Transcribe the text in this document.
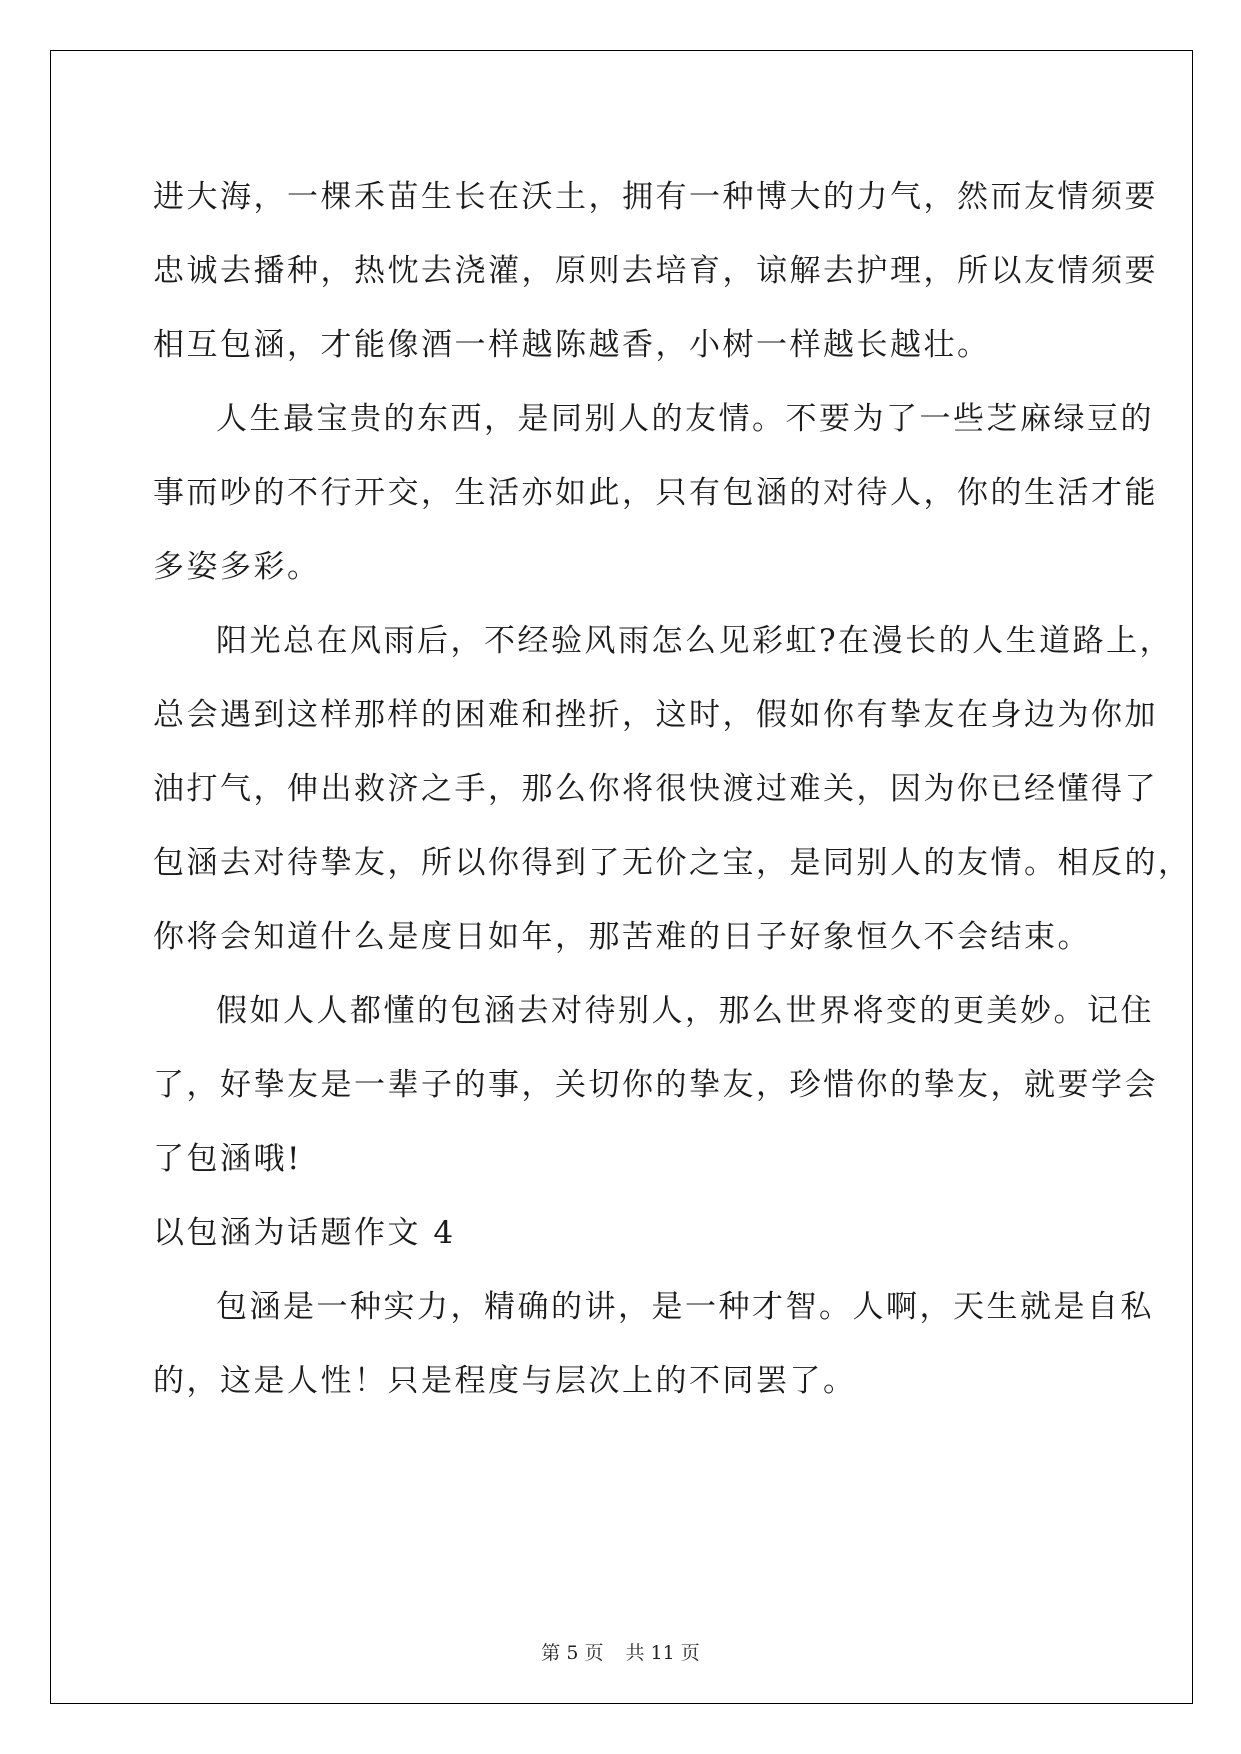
进大海，一棵禾苗生长在沃土，拥有一种博大的力气，然而友情须要
忠诚去播种，热忱去浇灌，原则去培育，谅解去护理，所以友情须要
相互包涵，才能像酒一样越陈越香，小树一样越长越壮。
人生最宝贵的东西，是同别人的友情。不要为了一些芝麻绿豆的
事而吵的不行开交，生活亦如此，只有包涵的对待人，你的生活才能
多姿多彩。
阳光总在风雨后，不经验风雨怎么见彩虹?在漫长的人生道路上，
总会遇到这样那样的困难和挫折，这时，假如你有挚友在身边为你加
油打气，伸出救济之手，那么你将很快渡过难关，因为你已经懂得了
包涵去对待挚友，所以你得到了无价之宝，是同别人的友情。相反的，
你将会知道什么是度日如年，那苦难的日子好象恒久不会结束。
假如人人都懂的包涵去对待别人，那么世界将变的更美妙。记住
了，好挚友是一辈子的事，关切你的挚友，珍惜你的挚友，就要学会
了包涵哦!
以包涵为话题作文 4
包涵是一种实力，精确的讲，是一种才智。人啊，天生就是自私
的，这是人性！只是程度与层次上的不同罢了。
第 5 页 共 11 页
